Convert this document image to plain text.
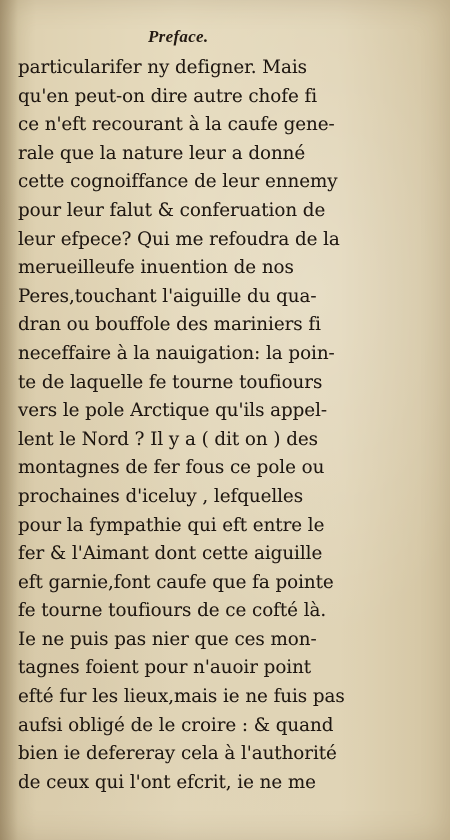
Preface.
particularifer ny defigner. Mais
qu'en peut-on dire autre chofe fi
ce n'eft recourant à la caufe gene-
rale que la nature leur a donné
cette cognoiffance de leur ennemy
pour leur falut & conferuation de
leur efpece? Qui me refoudra de la
merueilleufe inuention de nos
Peres,touchant l'aiguille du qua-
dran ou bouffole des mariniers fi
neceffaire à la nauigation: la poin-
te de laquelle fe tourne toufiours
vers le pole Arctique qu'ils appel-
lent le Nord ? Il y a ( dit on ) des
montagnes de fer fous ce pole ou
prochaines d'iceluy , lefquelles
pour la fympathie qui eft entre le
fer & l'Aimant dont cette aiguille
eft garnie,font caufe que fa pointe
fe tourne toufiours de ce cofté là.
Ie ne puis pas nier que ces mon-
tagnes foient pour n'auoir point
efté fur les lieux,mais ie ne fuis pas
aufsi obligé de le croire : & quand
bien ie defereray cela à l'authorité
de ceux qui l'ont efcrit, ie ne me
